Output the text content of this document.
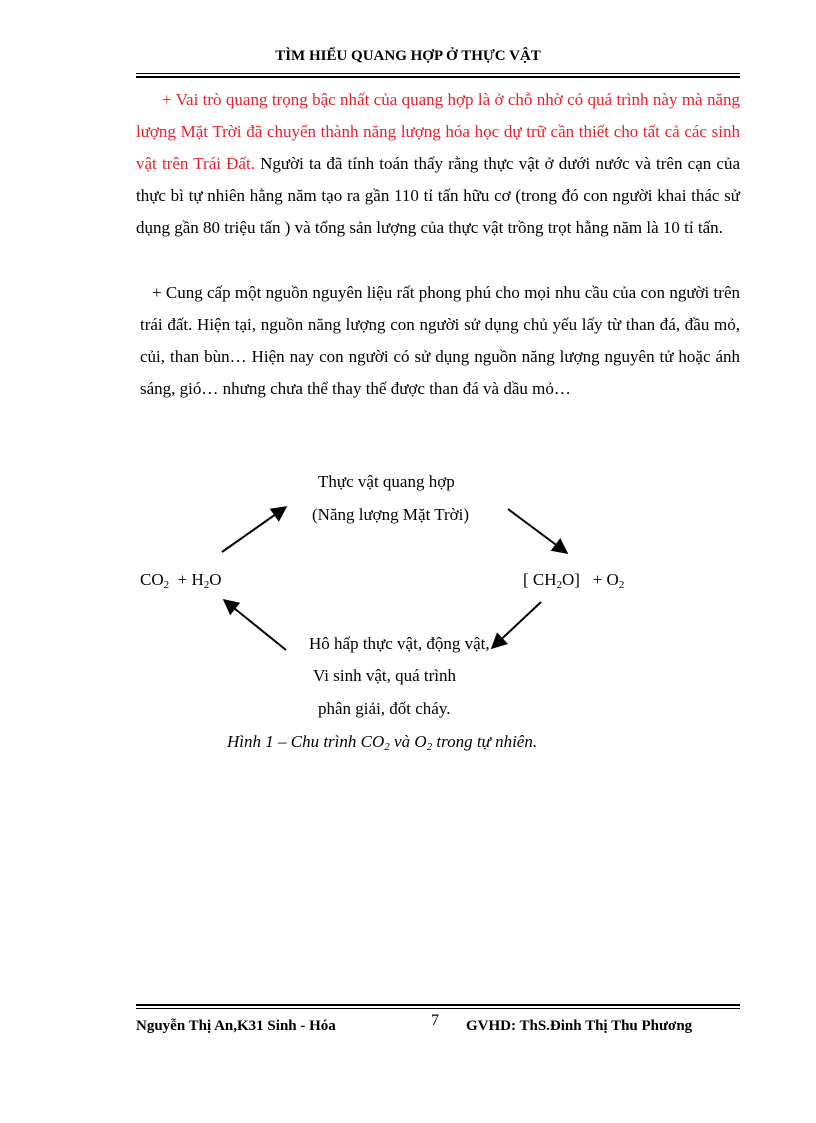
TÌM HIỂU QUANG HỢP Ở THỰC VẬT
+ Vai trò quang trọng bậc nhất của quang hợp là ở chỗ nhờ có quá trình này mà năng lượng Mặt Trời đã chuyển thành năng lượng hóa học dự trữ cần thiết cho tất cả các sinh vật trên Trái Đất. Người ta đã tính toán thấy rằng thực vật ở dưới nước và trên cạn của thực bì tự nhiên hằng năm tạo ra gần 110 tỉ tấn hữu cơ (trong đó con người khai thác sử dụng gần 80 triệu tấn ) và tổng sản lượng của thực vật trồng trọt hằng năm là 10 tỉ tấn.
+ Cung cấp một nguồn nguyên liệu rất phong phú cho mọi nhu cầu của con người trên trái đất. Hiện tại, nguồn năng lượng con người sử dụng chủ yếu lấy từ than đá, đầu mỏ, củi, than bùn… Hiện nay con người có sử dụng nguồn năng lượng nguyên tử hoặc ánh sáng, gió… nhưng chưa thể thay thế được than đá và dầu mỏ…
Thực vật quang hợp
(Năng lượng Mặt Trời)
$CO_2 + H_2O$	[ $CH_2O] + O_2$
Hô hấp thực vật, động vật,
Vi sinh vật, quá trình
phân giải, đốt cháy.
Hình 1 – Chu trình $CO_2$ và $O_2$ trong tự nhiên.
Nguyễn Thị An,K31 Sinh - Hóa	7 GVHD: ThS.Đinh Thị Thu Phương
